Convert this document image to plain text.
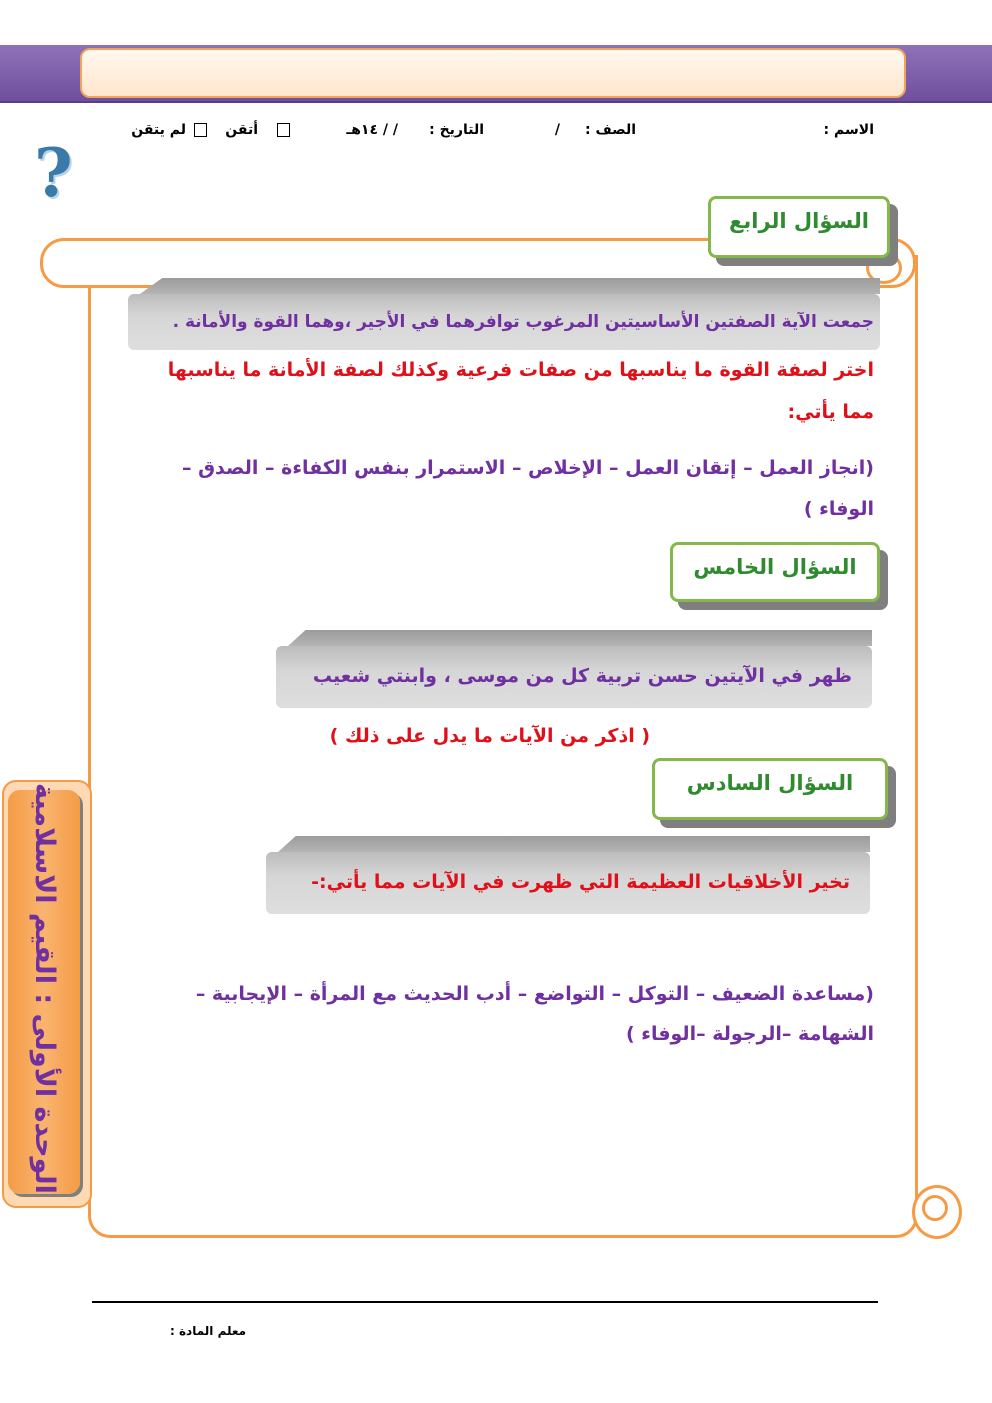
الاسم :
الصف :
/
التاريخ :
/ / ١٤هـ
أتقن
لم يتقن
?
السؤال الرابع
جمعت الآية الصفتين الأساسيتين المرغوب توافرهما في الأجير ،وهما القوة والأمانة .
اختر لصفة القوة ما يناسبها من صفات فرعية وكذلك لصفة الأمانة ما يناسبها
مما يأتي:
(انجاز العمل – إتقان العمل – الإخلاص – الاستمرار بنفس الكفاءة – الصدق –
الوفاء )
السؤال الخامس
ظهر في الآيتين حسن تربية كل من موسى ، وابنتي شعيب
( اذكر من الآيات ما يدل على ذلك )
السؤال السادس
تخير الأخلاقيات العظيمة التي ظهرت في الآيات مما يأتي:-
(مساعدة الضعيف – التوكل – التواضع – أدب الحديث مع المرأة – الإيجابية –
الشهامة –الرجولة –الوفاء )
الوحدة الأولى : القيم الاسلامية
معلم المادة :
